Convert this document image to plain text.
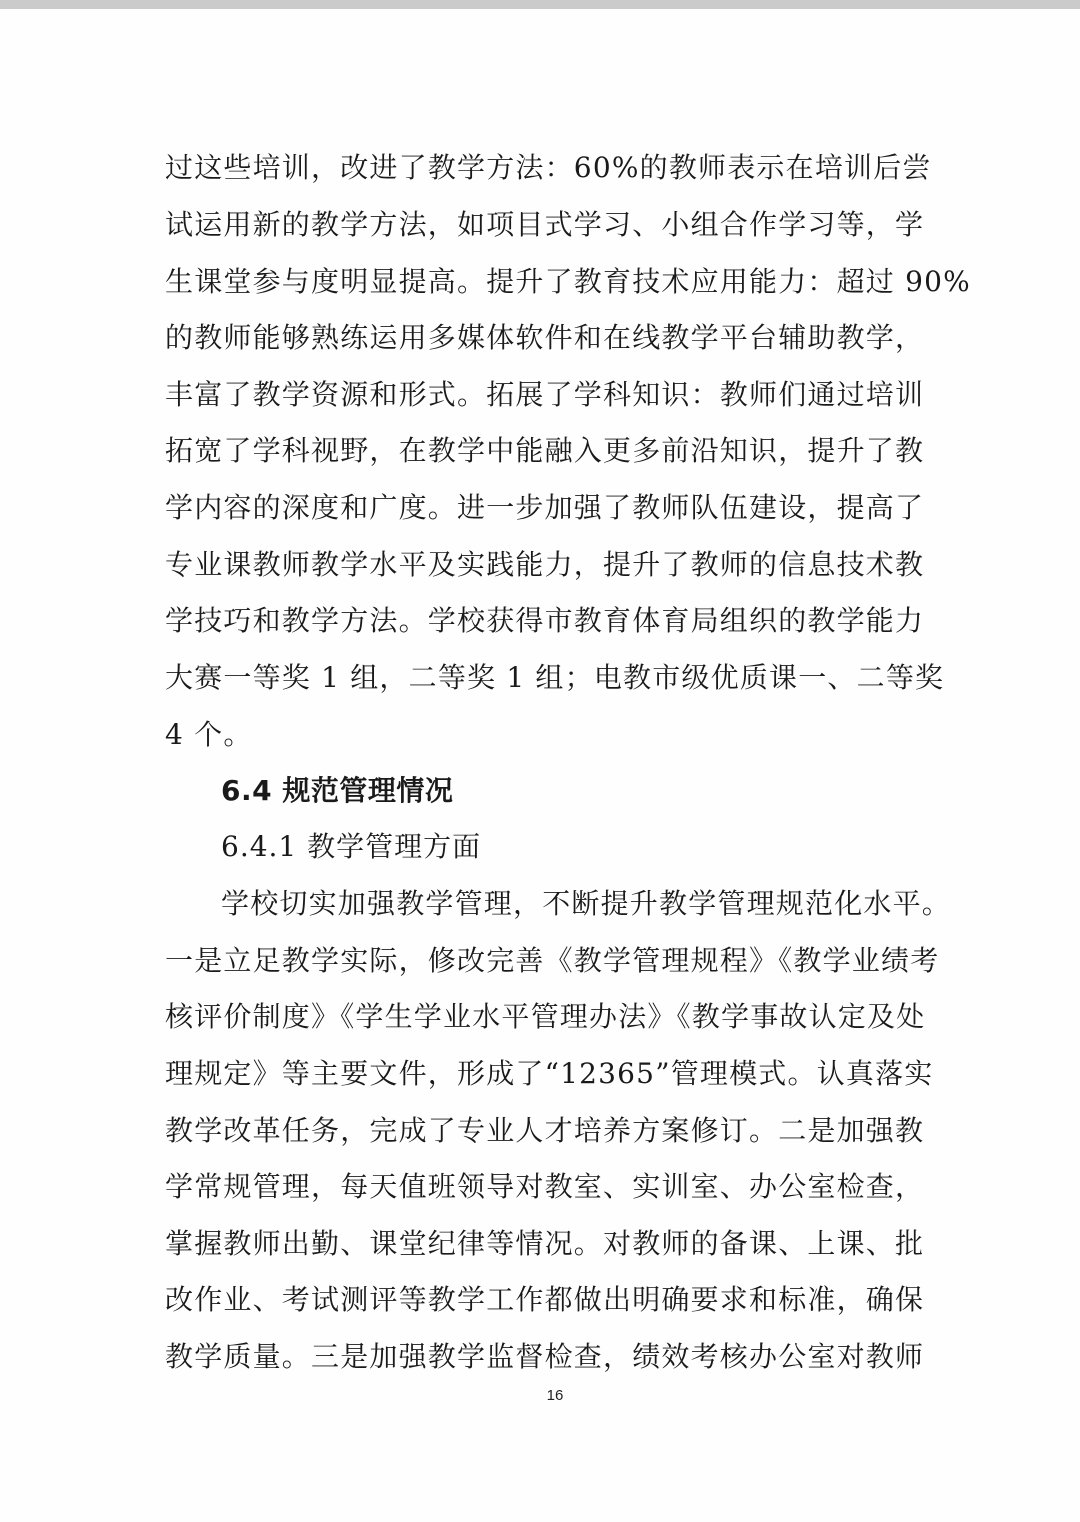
过这些培训，改进了教学方法：60%的教师表示在培训后尝
试运用新的教学方法，如项目式学习、小组合作学习等，学
生课堂参与度明显提高。提升了教育技术应用能力：超过 90%
的教师能够熟练运用多媒体软件和在线教学平台辅助教学，
丰富了教学资源和形式。拓展了学科知识：教师们通过培训
拓宽了学科视野，在教学中能融入更多前沿知识，提升了教
学内容的深度和广度。进一步加强了教师队伍建设，提高了
专业课教师教学水平及实践能力，提升了教师的信息技术教
学技巧和教学方法。学校获得市教育体育局组织的教学能力
大赛一等奖 1 组，二等奖 1 组；电教市级优质课一、二等奖
4 个。
6.4 规范管理情况
6.4.1 教学管理方面
学校切实加强教学管理，不断提升教学管理规范化水平。
一是立足教学实际，修改完善《教学管理规程》《教学业绩考
核评价制度》《学生学业水平管理办法》《教学事故认定及处
理规定》等主要文件，形成了“12365”管理模式。认真落实
教学改革任务，完成了专业人才培养方案修订。二是加强教
学常规管理，每天值班领导对教室、实训室、办公室检查，
掌握教师出勤、课堂纪律等情况。对教师的备课、上课、批
改作业、考试测评等教学工作都做出明确要求和标准，确保
教学质量。三是加强教学监督检查，绩效考核办公室对教师
16
